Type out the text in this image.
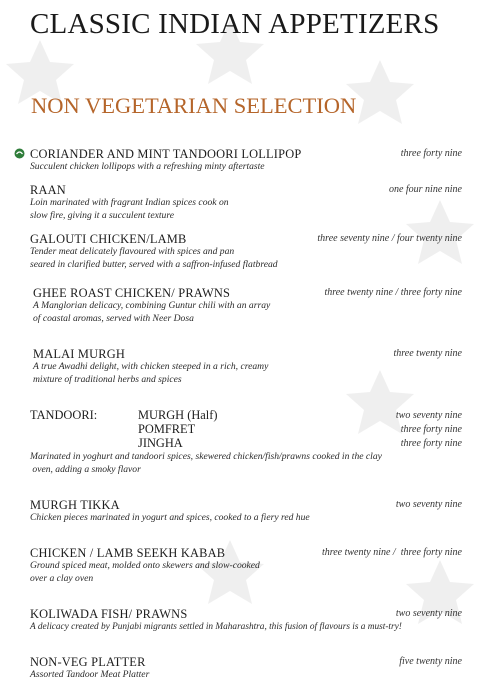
CLASSIC INDIAN APPETIZERS
NON VEGETARIAN SELECTION
CORIANDER AND MINT TANDOORI LOLLIPOP	three forty nine
Succulent chicken lollipops with a refreshing minty aftertaste
RAAN	one four nine nine
Loin marinated with fragrant Indian spices cook on
slow fire, giving it a succulent texture
GALOUTI CHICKEN/LAMB	three seventy nine / four twenty nine
Tender meat delicately flavoured with spices and pan
seared in clarified butter, served with a saffron-infused flatbread
GHEE ROAST CHICKEN/ PRAWNS	three twenty nine / three forty nine
A Manglorian delicacy, combining Guntur chili with an array
of coastal aromas, served with Neer Dosa
MALAI MURGH	three twenty nine
A true Awadhi delight, with chicken steeped in a rich, creamy
mixture of traditional herbs and spices
TANDOORI:	MURGH (Half)	two seventy nine
POMFRET	three forty nine
JINGHA	three forty nine
Marinated in yoghurt and tandoori spices, skewered chicken/fish/prawns cooked in the clay
oven, adding a smoky flavor
MURGH TIKKA	two seventy nine
Chicken pieces marinated in yogurt and spices, cooked to a fiery red hue
CHICKEN / LAMB SEEKH KABAB	three twenty nine /  three forty nine
Ground spiced meat, molded onto skewers and slow-cooked
over a clay oven
KOLIWADA FISH/ PRAWNS	two seventy nine
A delicacy created by Punjabi migrants settled in Maharashtra, this fusion of flavours is a must-try!
NON-VEG PLATTER	five twenty nine
Assorted Tandoor Meat Platter
